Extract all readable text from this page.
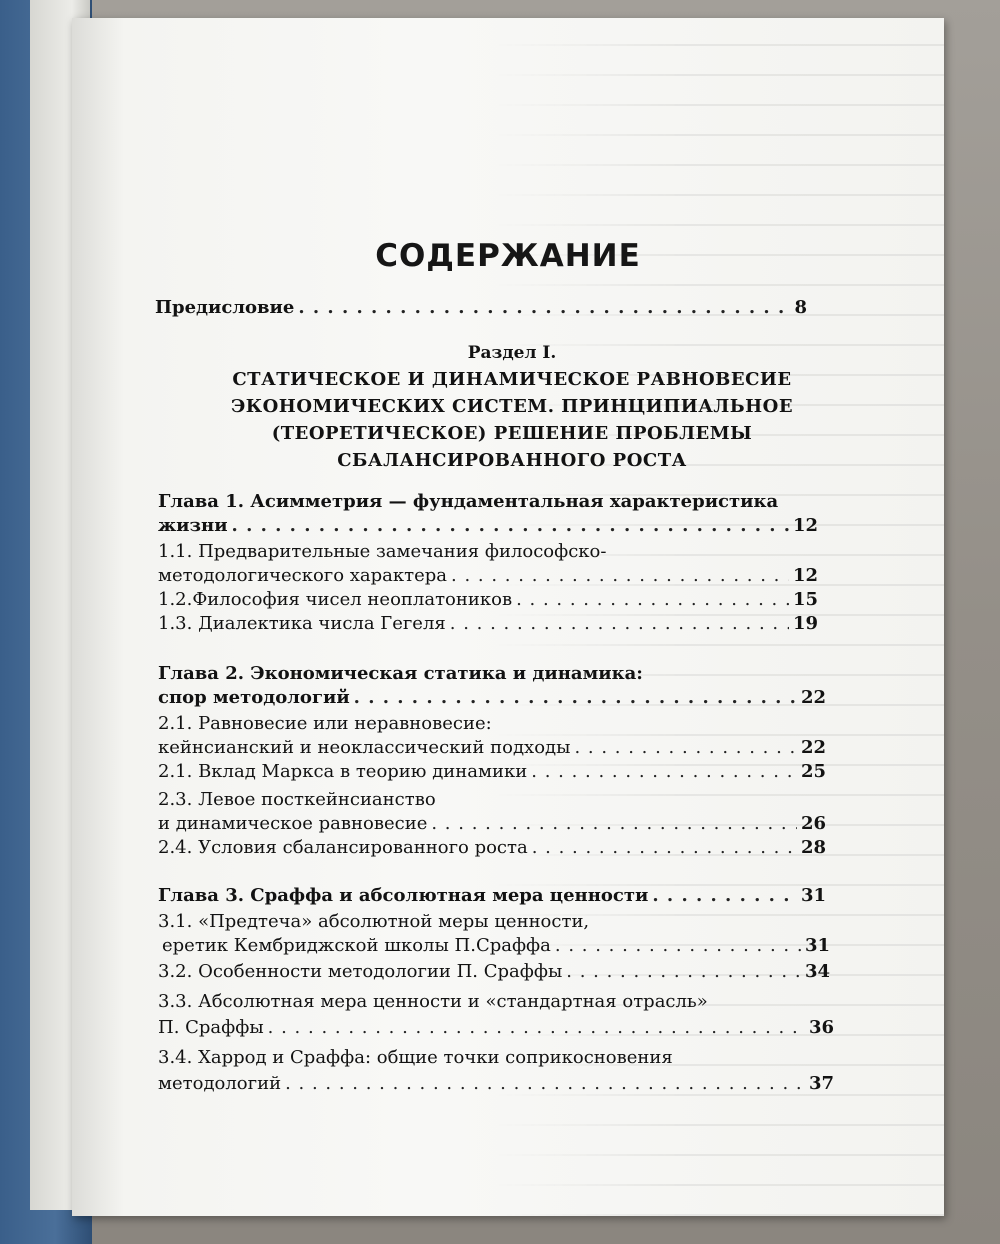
СОДЕРЖАНИЕ
Предисловие . . .	8
Раздел I.
СТАТИЧЕСКОЕ И ДИНАМИЧЕСКОЕ РАВНОВЕСИЕ
ЭКОНОМИЧЕСКИХ СИСТЕМ. ПРИНЦИПИАЛЬНОЕ
(ТЕОРЕТИЧЕСКОЕ) РЕШЕНИЕ ПРОБЛЕМЫ
СБАЛАНСИРОВАННОГО РОСТА
Глава 1. Асимметрия — фундаментальная характеристика
жизни . . .	12
1.1. Предварительные замечания философско-
методологического характера . . .	12
1.2.Философия чисел неоплатоников . . .	15
1.3. Диалектика числа Гегеля . . .	19
Глава 2. Экономическая статика и динамика:
спор методологий . . .	22
2.1. Равновесие или неравновесие:
кейнсианский и неоклассический подходы . . .	22
2.1. Вклад Маркса в теорию динамики . . .	25
2.3. Левое посткейнсианство
и динамическое равновесие . . .	26
2.4. Условия сбалансированного роста . . .	28
Глава 3. Сраффа и абсолютная мера ценности . . .	31
3.1. «Предтеча» абсолютной меры ценности,
еретик Кембриджской школы П.Сраффа . . .	31
3.2. Особенности методологии П. Сраффы . . .	34
3.3. Абсолютная мера ценности и «стандартная отрасль»
П. Сраффы . . .	36
3.4. Харрод и Сраффа: общие точки соприкосновения
методологий . . .	37
